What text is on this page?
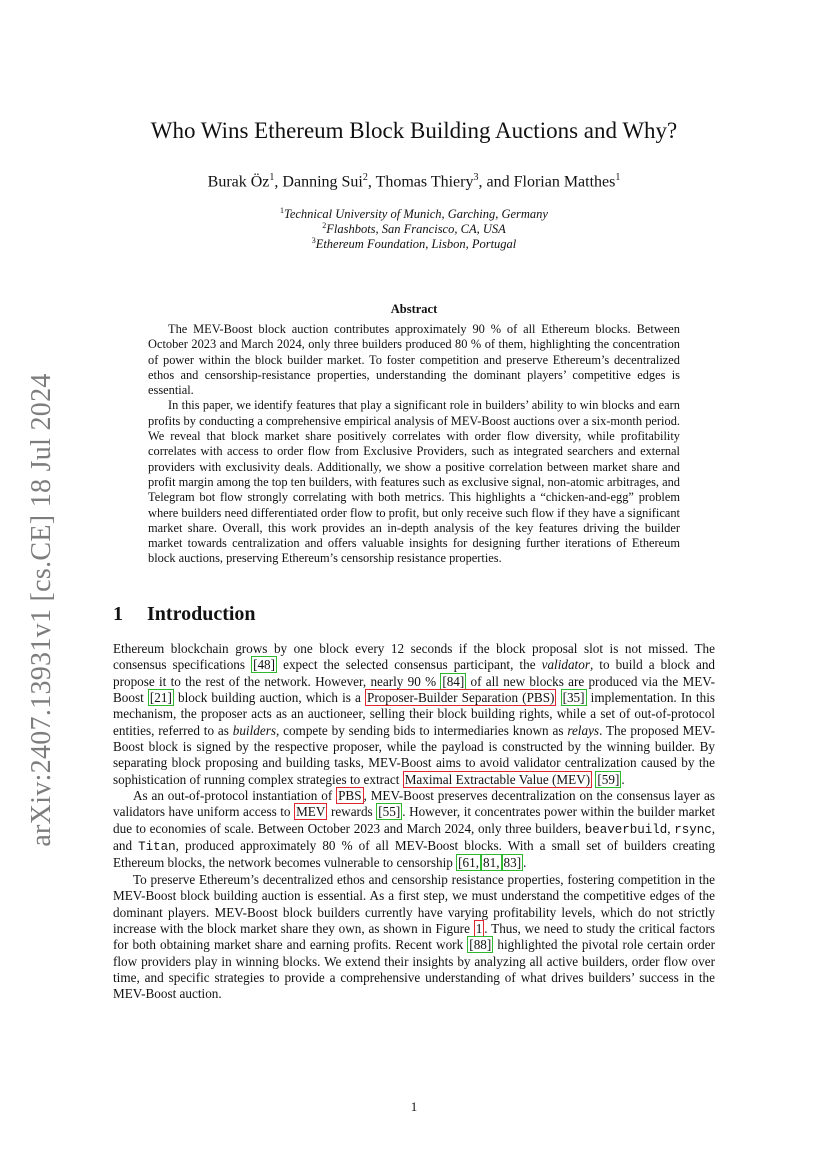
arXiv:2407.13931v1 [cs.CE] 18 Jul 2024
Who Wins Ethereum Block Building Auctions and Why?
Burak $Öz^1$, Danning Sui$^2$, Thomas Thiery$^3$, and Florian Matthes$^1$
$^1$Technical University of Munich, Garching, Germany
$^2$Flashbots, San Francisco, CA, USA
$^3$Ethereum Foundation, Lisbon, Portugal
Abstract

The MEV-Boost block auction contributes approximately 90 % of all Ethereum blocks. Between October 2023 and March 2024, only three builders produced 80 % of them, highlighting the concentration of power within the block builder market. To foster competition and preserve Ethereum’s decentralized ethos and censorship-resistance properties, understanding the dominant players’ competitive edges is essential.

In this paper, we identify features that play a significant role in builders’ ability to win blocks and earn profits by conducting a comprehensive empirical analysis of MEV-Boost auctions over a six-month period. We reveal that block market share positively correlates with order flow diversity, while profitability correlates with access to order flow from Exclusive Providers, such as integrated searchers and external providers with exclusivity deals. Additionally, we show a positive correlation between market share and profit margin among the top ten builders, with features such as exclusive signal, non-atomic arbitrages, and Telegram bot flow strongly correlating with both metrics. This highlights a “chicken-and-egg” problem where builders need differentiated order flow to profit, but only receive such flow if they have a significant market share. Overall, this work provides an in-depth analysis of the key features driving the builder market towards centralization and offers valuable insights for designing further iterations of Ethereum block auctions, preserving Ethereum’s censorship resistance properties.

1 Introduction

Ethereum blockchain grows by one block every 12 seconds if the block proposal slot is not missed. The consensus specifications [48] expect the selected consensus participant, the validator, to build a block and propose it to the rest of the network. However, nearly 90 % [84] of all new blocks are produced via the MEV-Boost [21] block building auction, which is a Proposer-Builder Separation (PBS) [35] implementation. In this mechanism, the proposer acts as an auctioneer, selling their block building rights, while a set of out-of-protocol entities, referred to as builders, compete by sending bids to intermediaries known as relays. The proposed MEV-Boost block is signed by the respective proposer, while the payload is constructed by the winning builder. By separating block proposing and building tasks, MEV-Boost aims to avoid validator centralization caused by the sophistication of running complex strategies to extract Maximal Extractable Value (MEV) [59] .

As an out-of-protocol instantiation of PBS , MEV-Boost preserves decentralization on the consensus layer as validators have uniform access to MEV rewards [55] . However, it concentrates power within the builder market due to economies of scale. Between October 2023 and March 2024, only three builders, beaverbuild, rsync, and Titan, produced approximately 80 % of all MEV-Boost blocks. With a small set of builders creating Ethereum blocks, the network becomes vulnerable to censorship [61, 81, 83] .

To preserve Ethereum’s decentralized ethos and censorship resistance properties, fostering competition in the MEV-Boost block building auction is essential. As a first step, we must understand the competitive edges of the dominant players. MEV-Boost block builders currently have varying profitability levels, which do not strictly increase with the block market share they own, as shown in Figure 1 . Thus, we need to study the critical factors for both obtaining market share and earning profits. Recent work [88] highlighted the pivotal role certain order flow providers play in winning blocks. We extend their insights by analyzing all active builders, order flow over time, and specific strategies to provide a comprehensive understanding of what drives builders’ success in the MEV-Boost auction.

1
